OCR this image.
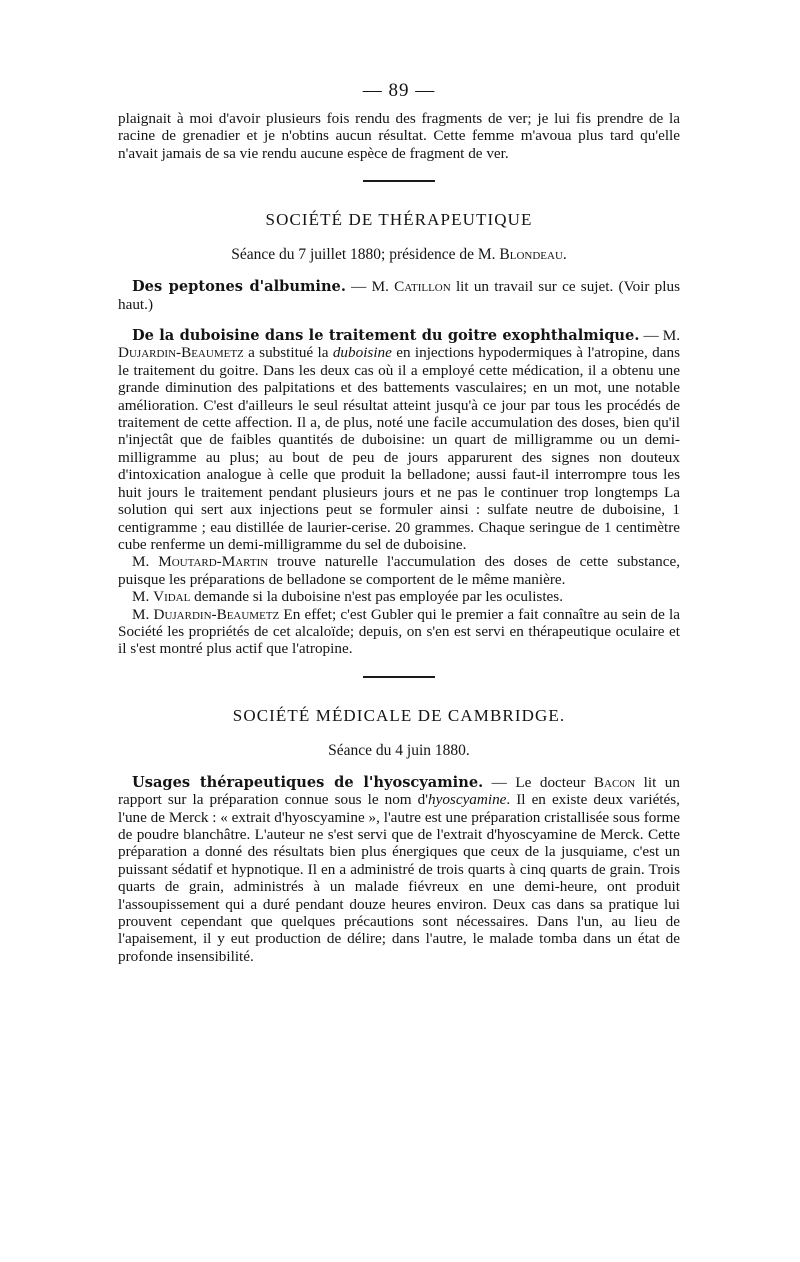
— 89 —

plaignait à moi d'avoir plusieurs fois rendu des fragments de ver; je lui fis prendre de la racine de grenadier et je n'obtins aucun résultat. Cette femme m'avoua plus tard qu'elle n'avait jamais de sa vie rendu aucune espèce de fragment de ver.

SOCIÉTÉ DE THÉRAPEUTIQUE
Séance du 7 juillet 1880; présidence de M. Blondeau.

Des peptones d'albumine. — M. Catillon lit un travail sur ce sujet. (Voir plus haut.)

De la duboisine dans le traitement du goitre exophthalmique. — M. Dujardin-Beaumetz a substitué la duboisine en injections hypodermiques à l'atropine, dans le traitement du goitre. Dans les deux cas où il a employé cette médication, il a obtenu une grande diminution des palpitations et des battements vasculaires; en un mot, une notable amélioration. C'est d'ailleurs le seul résultat atteint jusqu'à ce jour par tous les procédés de traitement de cette affection. Il a, de plus, noté une facile accumulation des doses, bien qu'il n'injectât que de faibles quantités de duboisine: un quart de milligramme ou un demi-milligramme au plus; au bout de peu de jours apparurent des signes non douteux d'intoxication analogue à celle que produit la belladone; aussi faut-il interrompre tous les huit jours le traitement pendant plusieurs jours et ne pas le continuer trop longtemps La solution qui sert aux injections peut se formuler ainsi : sulfate neutre de duboisine, 1 centigramme ; eau distillée de laurier-cerise. 20 grammes. Chaque seringue de 1 centimètre cube renferme un demi-milligramme du sel de duboisine.

M. Moutard-Martin trouve naturelle l'accumulation des doses de cette substance, puisque les préparations de belladone se comportent de le même manière.

M. Vidal demande si la duboisine n'est pas employée par les oculistes.

M. Dujardin-Beaumetz En effet; c'est Gubler qui le premier a fait connaître au sein de la Société les propriétés de cet alcaloïde; depuis, on s'en est servi en thérapeutique oculaire et il s'est montré plus actif que l'atropine.

SOCIÉTÉ MÉDICALE DE CAMBRIDGE.
Séance du 4 juin 1880.

Usages thérapeutiques de l'hyoscyamine. — Le docteur Bacon lit un rapport sur la préparation connue sous le nom d'hyoscyamine. Il en existe deux variétés, l'une de Merck : « extrait d'hyoscyamine », l'autre est une préparation cristallisée sous forme de poudre blanchâtre. L'auteur ne s'est servi que de l'extrait d'hyoscyamine de Merck. Cette préparation a donné des résultats bien plus énergiques que ceux de la jusquiame, c'est un puissant sédatif et hypnotique. Il en a administré de trois quarts à cinq quarts de grain. Trois quarts de grain, administrés à un malade fiévreux en une demi-heure, ont produit l'assoupissement qui a duré pendant douze heures environ. Deux cas dans sa pratique lui prouvent cependant que quelques précautions sont nécessaires. Dans l'un, au lieu de l'apaisement, il y eut production de délire; dans l'autre, le malade tomba dans un état de profonde insensibilité.
